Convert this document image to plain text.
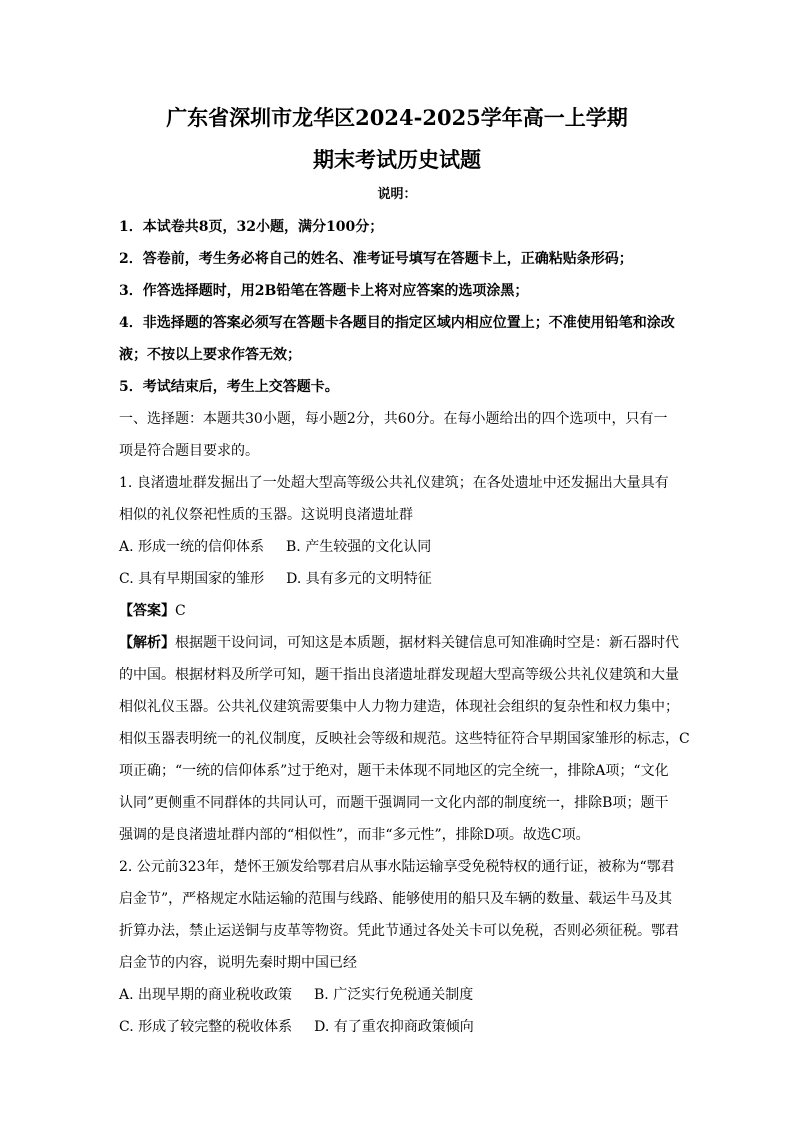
广东省深圳市龙华区2024-2025学年高一上学期
期末考试历史试题
说明：
1．本试卷共8页，32小题，满分100分；
2．答卷前，考生务必将自己的姓名、准考证号填写在答题卡上，正确粘贴条形码；
3．作答选择题时，用2B铅笔在答题卡上将对应答案的选项涂黑；
4．非选择题的答案必须写在答题卡各题目的指定区域内相应位置上；不准使用铅笔和涂改
液；不按以上要求作答无效；
5．考试结束后，考生上交答题卡。
一、选择题：本题共30小题，每小题2分，共60分。在每小题给出的四个选项中，只有一
项是符合题目要求的。
1. 良渚遗址群发掘出了一处超大型高等级公共礼仪建筑；在各处遗址中还发掘出大量具有
相似的礼仪祭祀性质的玉器。这说明良渚遗址群
A. 形成一统的信仰体系 B. 产生较强的文化认同
C. 具有早期国家的雏形 D. 具有多元的文明特征
【答案】C
【解析】根据题干设问词，可知这是本质题，据材料关键信息可知准确时空是：新石器时代
的中国。根据材料及所学可知，题干指出良渚遗址群发现超大型高等级公共礼仪建筑和大量
相似礼仪玉器。公共礼仪建筑需要集中人力物力建造，体现社会组织的复杂性和权力集中；
相似玉器表明统一的礼仪制度，反映社会等级和规范。这些特征符合早期国家雏形的标志，C
项正确；“一统的信仰体系”过于绝对，题干未体现不同地区的完全统一，排除A项；“文化
认同”更侧重不同群体的共同认可，而题干强调同一文化内部的制度统一，排除B项；题干
强调的是良渚遗址群内部的“相似性”，而非“多元性”，排除D项。故选C项。
2. 公元前323年，楚怀王颁发给鄂君启从事水陆运输享受免税特权的通行证，被称为“鄂君
启金节”，严格规定水陆运输的范围与线路、能够使用的船只及车辆的数量、载运牛马及其
折算办法，禁止运送铜与皮革等物资。凭此节通过各处关卡可以免税，否则必须征税。鄂君
启金节的内容，说明先秦时期中国已经
A. 出现早期的商业税收政策 B. 广泛实行免税通关制度
C. 形成了较完整的税收体系 D. 有了重农抑商政策倾向
